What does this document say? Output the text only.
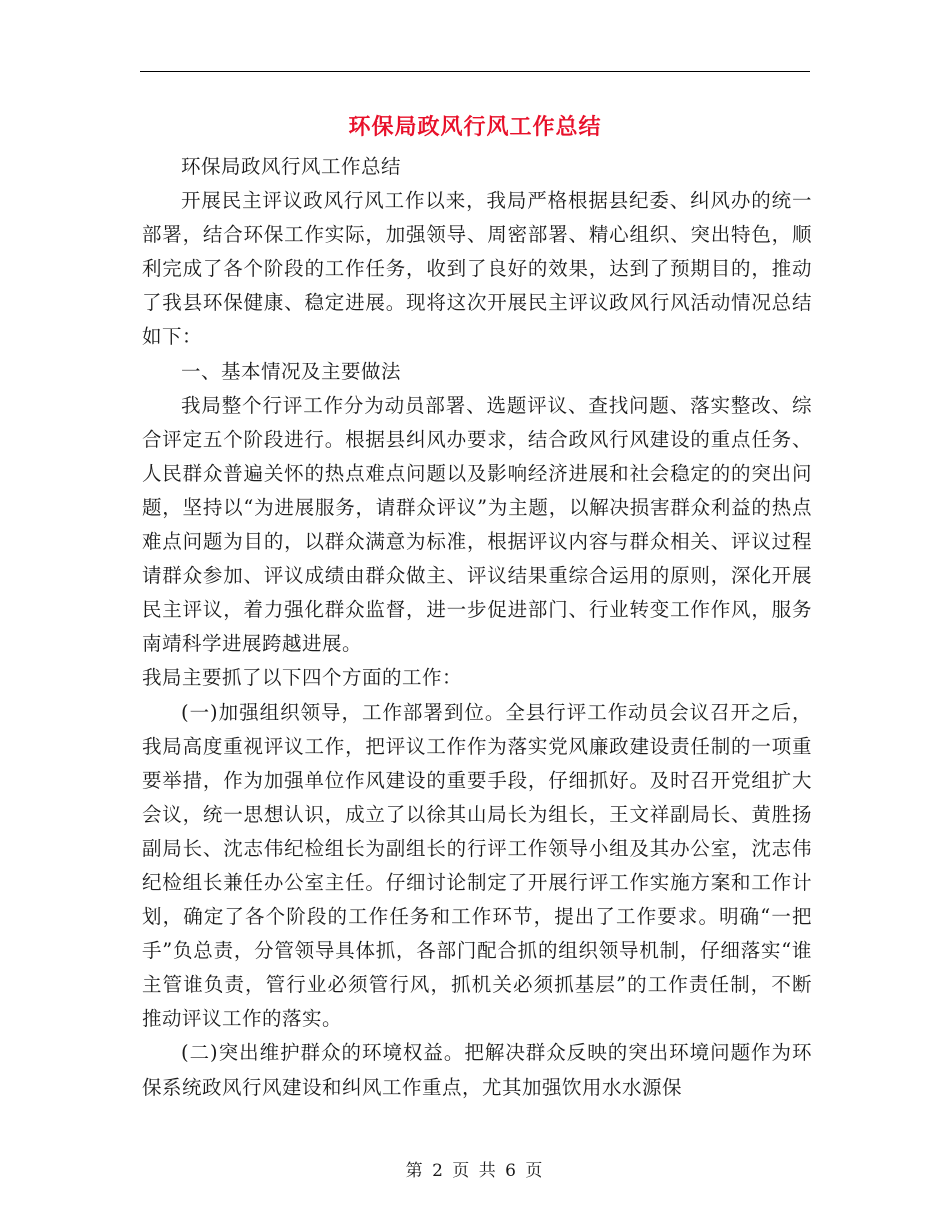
环保局政风行风工作总结

环保局政风行风工作总结

开展民主评议政风行风工作以来，我局严格根据县纪委、纠风办的统一部署，结合环保工作实际，加强领导、周密部署、精心组织、突出特色，顺利完成了各个阶段的工作任务，收到了良好的效果，达到了预期目的，推动了我县环保健康、稳定进展。现将这次开展民主评议政风行风活动情况总结如下：

一、基本情况及主要做法

我局整个行评工作分为动员部署、选题评议、查找问题、落实整改、综合评定五个阶段进行。根据县纠风办要求，结合政风行风建设的重点任务、人民群众普遍关怀的热点难点问题以及影响经济进展和社会稳定的的突出问题，坚持以“为进展服务，请群众评议”为主题，以解决损害群众利益的热点难点问题为目的，以群众满意为标准，根据评议内容与群众相关、评议过程请群众参加、评议成绩由群众做主、评议结果重综合运用的原则，深化开展民主评议，着力强化群众监督，进一步促进部门、行业转变工作作风，服务南靖科学进展跨越进展。

我局主要抓了以下四个方面的工作：

(一)加强组织领导，工作部署到位。全县行评工作动员会议召开之后，我局高度重视评议工作，把评议工作作为落实党风廉政建设责任制的一项重要举措，作为加强单位作风建设的重要手段，仔细抓好。及时召开党组扩大会议，统一思想认识，成立了以徐其山局长为组长，王文祥副局长、黄胜扬副局长、沈志伟纪检组长为副组长的行评工作领导小组及其办公室，沈志伟纪检组长兼任办公室主任。仔细讨论制定了开展行评工作实施方案和工作计划，确定了各个阶段的工作任务和工作环节，提出了工作要求。明确“一把手”负总责，分管领导具体抓，各部门配合抓的组织领导机制，仔细落实“谁主管谁负责，管行业必须管行风，抓机关必须抓基层”的工作责任制，不断推动评议工作的落实。

(二)突出维护群众的环境权益。把解决群众反映的突出环境问题作为环保系统政风行风建设和纠风工作重点，尤其加强饮用水水源保

第 2 页 共 6 页
